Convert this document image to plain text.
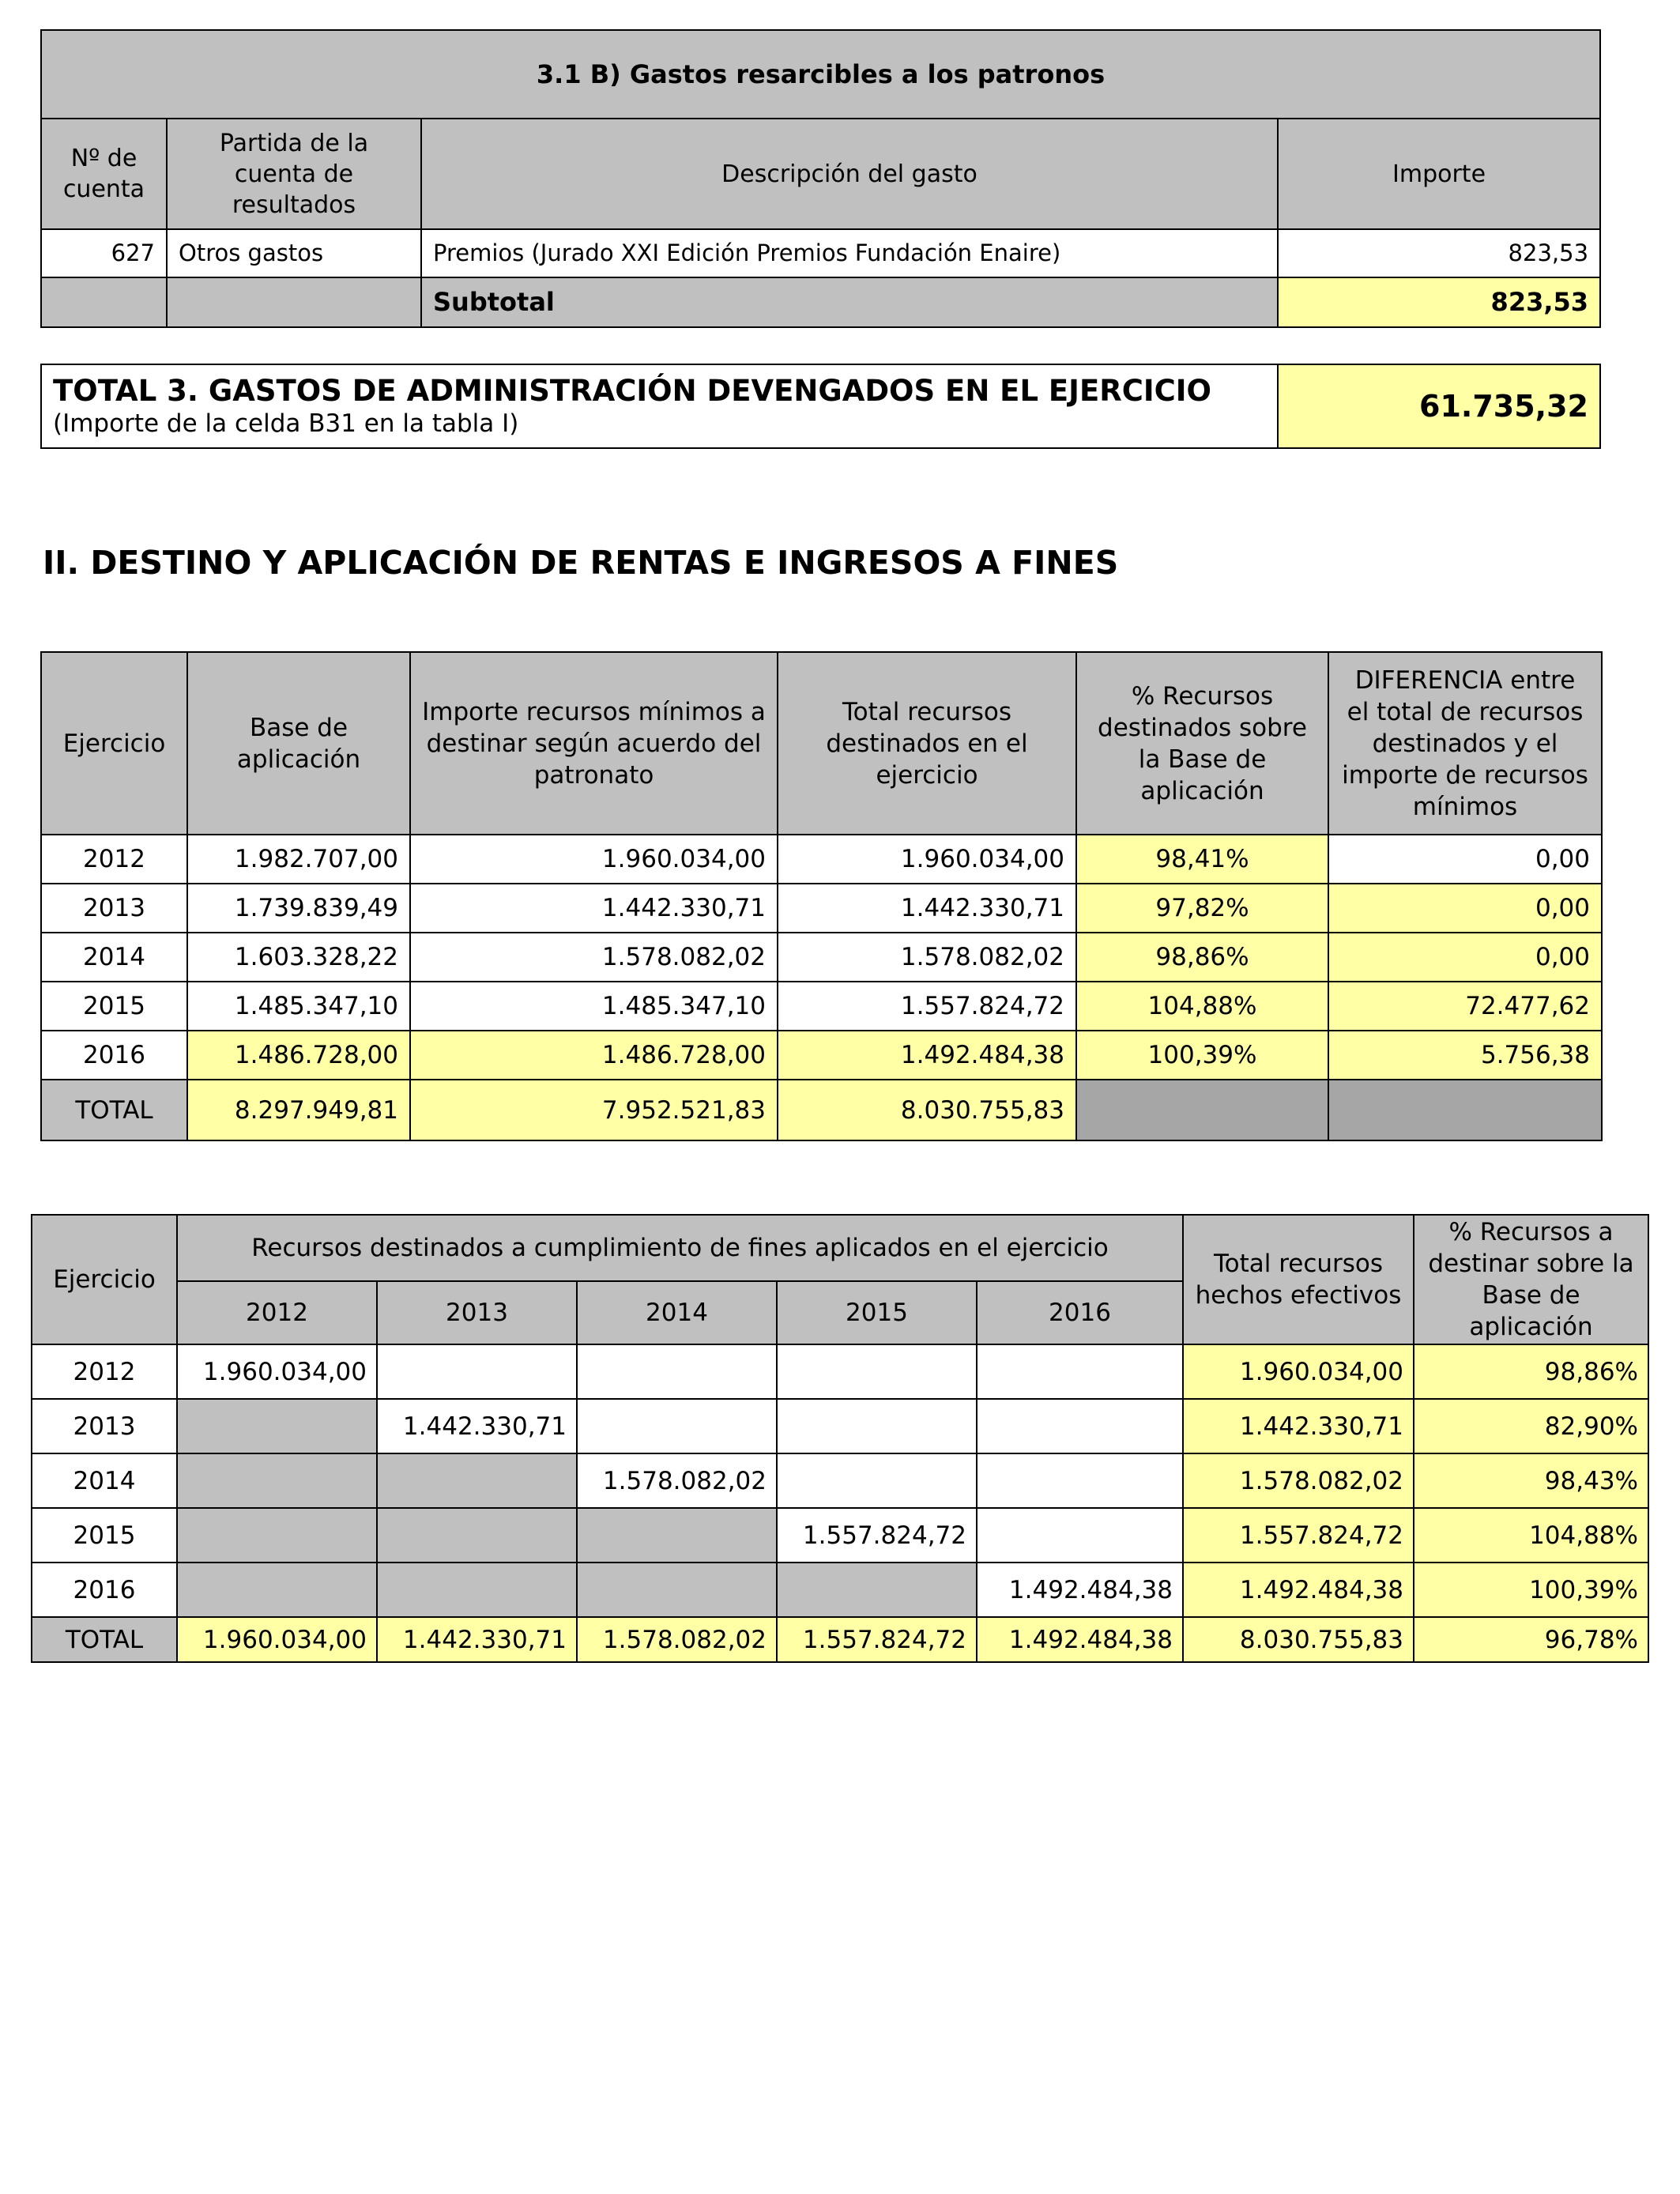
3.1 B) Gastos resarcibles a los patronos			
Nº de cuenta	Partida de la cuenta de resultados	Descripción del gasto	Importe
627	Otros gastos	Premios (Jurado XXI Edición Premios Fundación Enaire)	823,53
		Subtotal	823,53
TOTAL 3. GASTOS DE ADMINISTRACIÓN DEVENGADOS EN EL EJERCICIO
(Importe de la celda B31 en la tabla I)	61.735,32
II. DESTINO Y APLICACIÓN DE RENTAS E INGRESOS A FINES
Ejercicio	Base de aplicación	Importe recursos mínimos a destinar según acuerdo del patronato	Total recursos destinados en el ejercicio	% Recursos destinados sobre la Base de aplicación	DIFERENCIA entre el total de recursos destinados y el importe de recursos mínimos
2012	1.982.707,00	1.960.034,00	1.960.034,00	98,41%	0,00
2013	1.739.839,49	1.442.330,71	1.442.330,71	97,82%	0,00
2014	1.603.328,22	1.578.082,02	1.578.082,02	98,86%	0,00
2015	1.485.347,10	1.485.347,10	1.557.824,72	104,88%	72.477,62
2016	1.486.728,00	1.486.728,00	1.492.484,38	100,39%	5.756,38
TOTAL	8.297.949,81	7.952.521,83	8.030.755,83		
Ejercicio	Recursos destinados a cumplimiento de fines aplicados en el ejercicio					Total recursos hechos efectivos	% Recursos a destinar sobre la Base de aplicación
	2012	2013	2014	2015	2016		
2012	1.960.034,00					1.960.034,00	98,86%
2013		1.442.330,71				1.442.330,71	82,90%
2014			1.578.082,02			1.578.082,02	98,43%
2015				1.557.824,72		1.557.824,72	104,88%
2016					1.492.484,38	1.492.484,38	100,39%
TOTAL	1.960.034,00	1.442.330,71	1.578.082,02	1.557.824,72	1.492.484,38	8.030.755,83	96,78%
